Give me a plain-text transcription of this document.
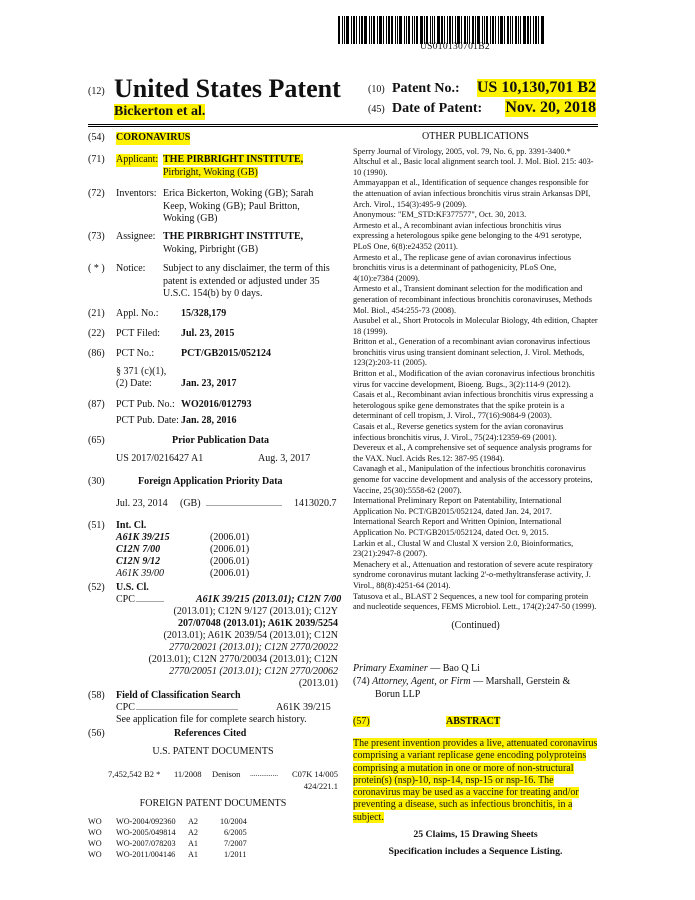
US010130701B2
(12) United States Patent
Bickerton et al.
(10) Patent No.: US 10,130,701 B2
(45) Date of Patent: Nov. 20, 2018
(54) CORONAVIRUS
(71) Applicant: THE PIRBRIGHT INSTITUTE,
Pirbright, Woking (GB)
(72) Inventors: Erica Bickerton, Woking (GB); Sarah
Keep, Woking (GB); Paul Britton,
Woking (GB)
(73) Assignee: THE PIRBRIGHT INSTITUTE,
Woking, Pirbright (GB)
( * ) Notice: Subject to any disclaimer, the term of this
patent is extended or adjusted under 35
U.S.C. 154(b) by 0 days.
(21) Appl. No.: 15/328,179
(22) PCT Filed: Jul. 23, 2015
(86) PCT No.:	PCT/GB2015/052124
§ 371 (c)(1),
(2) Date:	Jan. 23, 2017
(87) PCT Pub. No.: WO2016/012793
PCT Pub. Date: Jan. 28, 2016
(65)	Prior Publication Data
US 2017/0216427 A1	Aug. 3, 2017
(30)	Foreign Application Priority Data
Jul. 23, 2014 (GB) ...................................... 1413020.7
(51) Int. Cl.
A61K 39/215	(2006.01)
C12N 7/00	(2006.01)
C12N 9/12	(2006.01)
A61K 39/00	(2006.01)
(52) U.S. Cl.
CPC ..............	A61K 39/215 (2013.01); C12N 7/00
(2013.01); C12N 9/127 (2013.01); C12Y
207/07048 (2013.01); A61K 2039/5254
(2013.01); A61K 2039/54 (2013.01); C12N
2770/20021 (2013.01); C12N 2770/20022
(2013.01); C12N 2770/20034 (2013.01); C12N
2770/20051 (2013.01); C12N 2770/20062
(2013.01)
(58) Field of Classification Search
CPC ...................................................	A61K 39/215
See application file for complete search history.
(56)	References Cited
U.S. PATENT DOCUMENTS
7,452,542 B2 * 11/2008 Denison ............... C07K 14/005
424/221.1
FOREIGN PATENT DOCUMENTS
WO WO-2004/092360 A2	10/2004
WO WO-2005/049814 A2	6/2005
WO WO-2007/078203 A1	7/2007
WO WO-2011/004146 A1	1/2011
OTHER PUBLICATIONS
Sperry Journal of Virology, 2005, vol. 79, No. 6, pp. 3391-3400.*
Altschul et al., Basic local alignment search tool. J. Mol. Biol. 215: 403-10 (1990).
Ammayappan et al., Identification of sequence changes responsible for the attenuation of avian infectious bronchitis virus strain Arkansas DPI, Arch. Virol., 154(3):495-9 (2009).
Anonymous: "EM_STD:KF377577", Oct. 30, 2013.
Armesto et al., A recombinant avian infectious bronchitis virus expressing a heterologous spike gene belonging to the 4/91 serotype, PLoS One, 6(8):e24352 (2011).
Armesto et al., The replicase gene of avian coronavirus infectious bronchitis virus is a determinant of pathogenicity, PLoS One, 4(10):e7384 (2009).
Armesto et al., Transient dominant selection for the modification and generation of recombinant infectious bronchitis coronaviruses, Methods Mol. Biol., 454:255-73 (2008).
Ausubel et al., Short Protocols in Molecular Biology, 4th edition, Chapter 18 (1999).
Britton et al., Generation of a recombinant avian coronavirus infectious bronchitis virus using transient dominant selection, J. Virol. Methods, 123(2):203-11 (2005).
Britton et al., Modification of the avian coronavirus infectious bronchitis virus for vaccine development, Bioeng. Bugs., 3(2):114-9 (2012).
Casais et al., Recombinant avian infectious bronchitis virus expressing a heterologous spike gene demonstrates that the spike protein is a determinant of cell tropism, J. Virol., 77(16):9084-9 (2003).
Casais et al., Reverse genetics system for the avian coronavirus infectious bronchitis virus, J. Virol., 75(24):12359-69 (2001).
Devereux et al., A comprehensive set of sequence analysis programs for the VAX. Nucl. Acids Res.12: 387-95 (1984).
Cavanagh et al., Manipulation of the infectious bronchitis coronavirus genome for vaccine development and analysis of the accessory proteins, Vaccine, 25(30):5558-62 (2007).
International Preliminary Report on Patentability, International Application No. PCT/GB2015/052124, dated Jan. 24, 2017.
International Search Report and Written Opinion, International Application No. PCT/GB2015/052124, dated Oct. 9, 2015.
Larkin et al., Clustal W and Clustal X version 2.0, Bioinformatics, 23(21):2947-8 (2007).
Menachery et al., Attenuation and restoration of severe acute respiratory syndrome coronavirus mutant lacking 2'-o-methyltransferase activity, J. Virol., 88(8):4251-64 (2014).
Tatusova et al., BLAST 2 Sequences, a new tool for comparing protein and nucleotide sequences, FEMS Microbiol. Lett., 174(2):247-50 (1999).
(Continued)
Primary Examiner — Bao Q Li
(74) Attorney, Agent, or Firm — Marshall, Gerstein &
Borun LLP
(57)	ABSTRACT
The present invention provides a live, attenuated coronavirus comprising a variant replicase gene encoding polyproteins comprising a mutation in one or more of non-structural protein(s) (nsp)-10, nsp-14, nsp-15 or nsp-16. The coronavirus may be used as a vaccine for treating and/or preventing a disease, such as infectious bronchitis, in a subject.
25 Claims, 15 Drawing Sheets
Specification includes a Sequence Listing.
